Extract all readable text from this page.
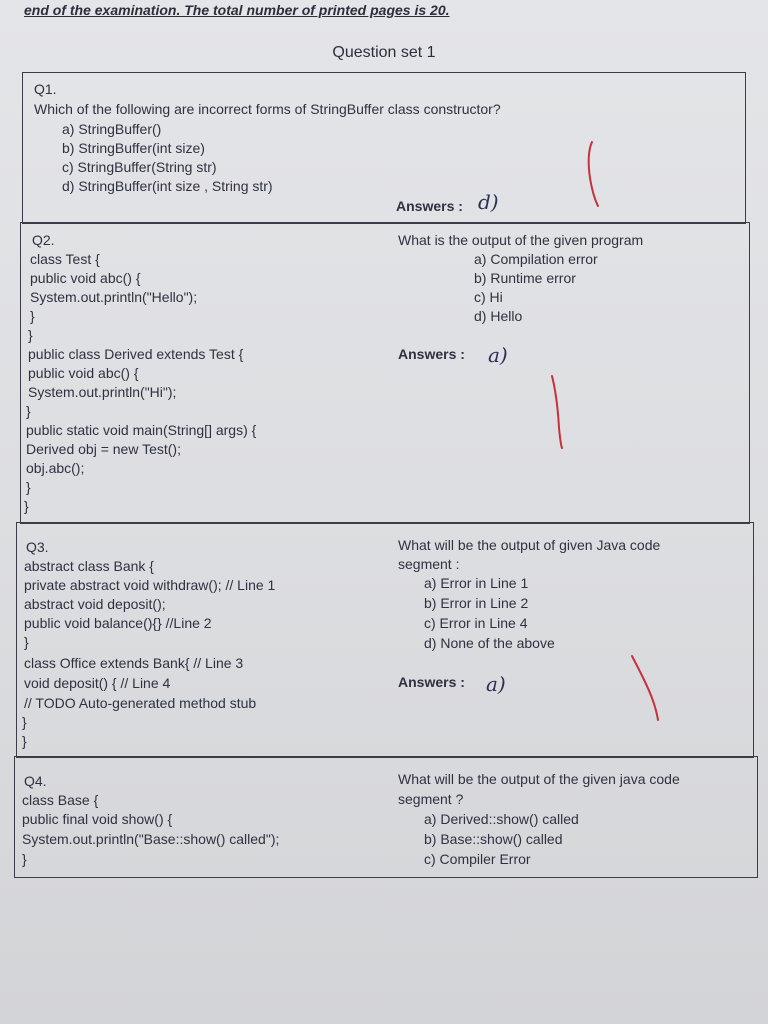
end of the examination. The total number of printed pages is 20.
Question set 1
Q1.
Which of the following are incorrect forms of StringBuffer class constructor?
a) StringBuffer()
b) StringBuffer(int size)
c) StringBuffer(String str)
d) StringBuffer(int size , String str)
Answers : d)
Q2.
class Test {
public void abc() {
System.out.println("Hello");
}
}
public class Derived extends Test {
public void abc() {
System.out.println("Hi");
}
public static void main(String[] args) {
Derived obj = new Test();
obj.abc();
}
}
What is the output of the given program
a) Compilation error
b) Runtime error
c) Hi
d) Hello
Answers : a)
Q3.
abstract class Bank {
private abstract void withdraw(); // Line 1
abstract void deposit();
public void balance(){} //Line 2
}
class Office extends Bank{ // Line 3
void deposit() { // Line 4
// TODO Auto-generated method stub
}
}
What will be the output of given Java code
segment :
a) Error in Line 1
b) Error in Line 2
c) Error in Line 4
d) None of the above
Answers : a)
Q4.
class Base {
public final void show() {
System.out.println("Base::show() called");
}
What will be the output of the given java code
segment ?
a) Derived::show() called
b) Base::show() called
c) Compiler Error
